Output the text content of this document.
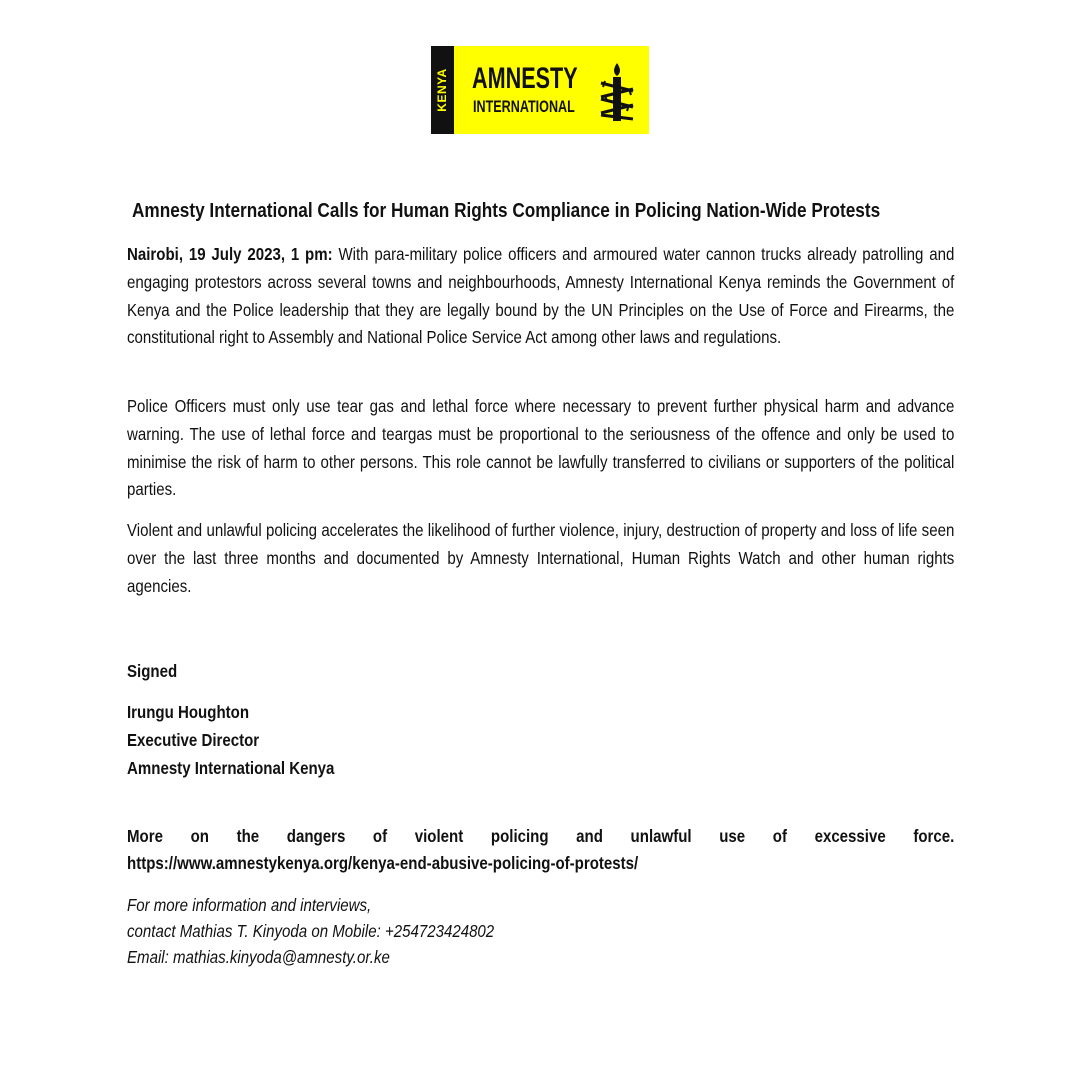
KENYA AMNESTY
INTERNATIONAL
Amnesty International Calls for Human Rights Compliance in Policing Nation-Wide Protests
Nairobi, 19 July 2023, 1 pm: With para-military police officers and armoured water cannon trucks already patrolling and engaging protestors across several towns and neighbourhoods, Amnesty International Kenya reminds the Government of Kenya and the Police leadership that they are legally bound by the UN Principles on the Use of Force and Firearms, the constitutional right to Assembly and National Police Service Act among other laws and regulations.
Police Officers must only use tear gas and lethal force where necessary to prevent further physical harm and advance warning. The use of lethal force and teargas must be proportional to the seriousness of the offence and only be used to minimise the risk of harm to other persons. This role cannot be lawfully transferred to civilians or supporters of the political parties.
Violent and unlawful policing accelerates the likelihood of further violence, injury, destruction of property and loss of life seen over the last three months and documented by Amnesty International, Human Rights Watch and other human rights agencies.
Signed
Irungu Houghton
Executive Director
Amnesty International Kenya
More on the dangers of violent policing and unlawful use of excessive force.
https://www.amnestykenya.org/kenya-end-abusive-policing-of-protests/
For more information and interviews,
contact Mathias T. Kinyoda on Mobile: +254723424802
Email: mathias.kinyoda@amnesty.or.ke
